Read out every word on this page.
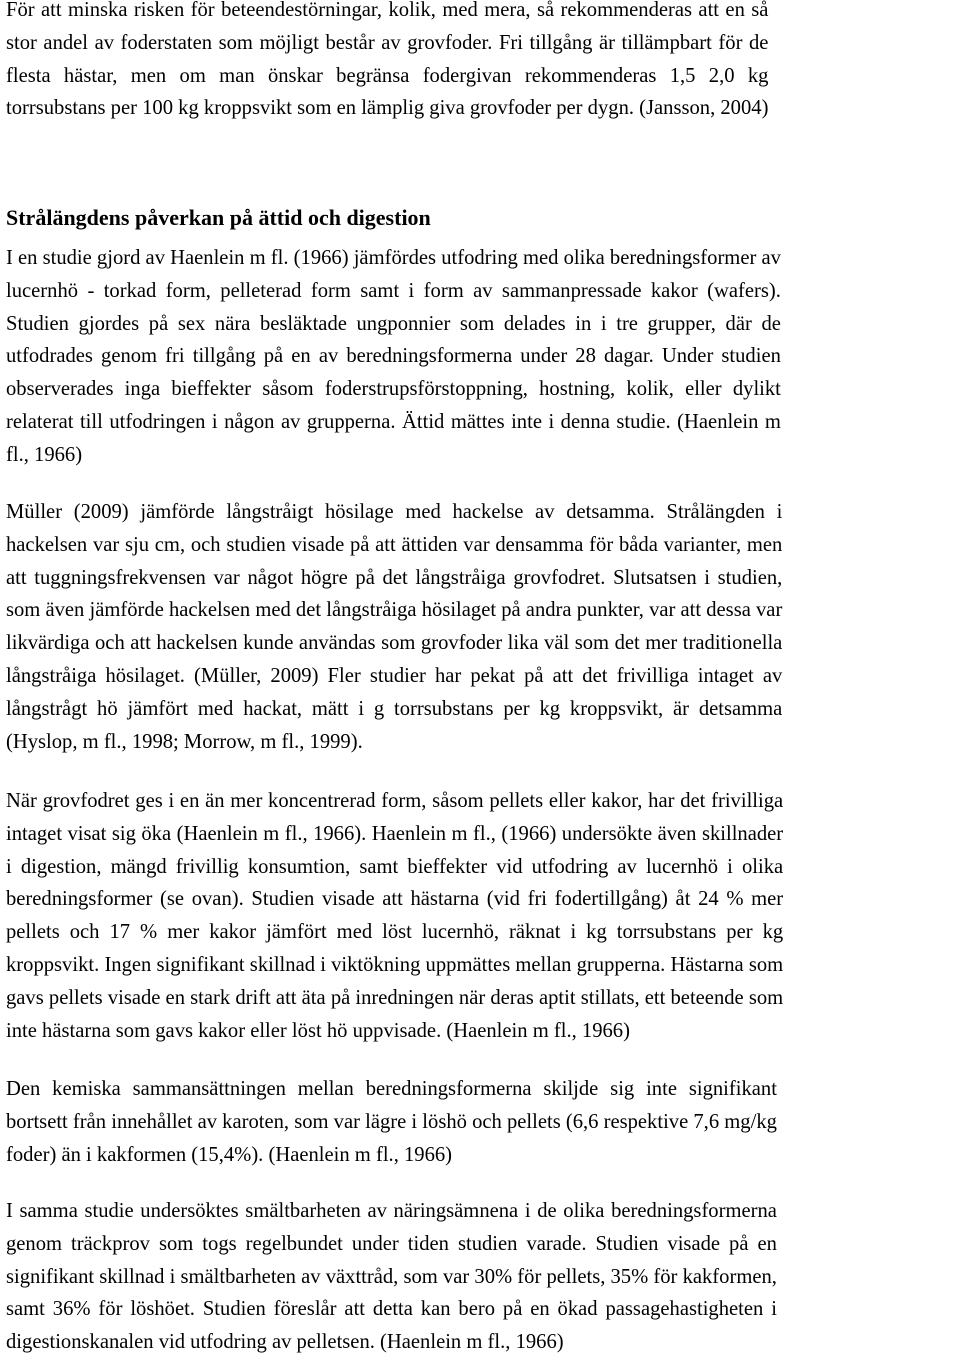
För att minska risken för beteendestörningar, kolik, med mera, så rekommenderas att en så
stor andel av foderstaten som möjligt består av grovfoder. Fri tillgång är tillämpbart för de
flesta hästar, men om man önskar begränsa fodergivan rekommenderas 1,5 2,0 kg
torrsubstans per 100 kg kroppsvikt som en lämplig giva grovfoder per dygn. (Jansson, 2004)

Strålängdens påverkan på ättid och digestion

I en studie gjord av Haenlein m fl. (1966) jämfördes utfodring med olika beredningsformer av
lucernhö - torkad form, pelleterad form samt i form av sammanpressade kakor (wafers).
Studien gjordes på sex nära besläktade ungponnier som delades in i tre grupper, där de
utfodrades genom fri tillgång på en av beredningsformerna under 28 dagar. Under studien
observerades inga bieffekter såsom foderstrupsförstoppning, hostning, kolik, eller dylikt
relaterat till utfodringen i någon av grupperna. Ättid mättes inte i denna studie. (Haenlein m
fl., 1966)

Müller (2009) jämförde långstråigt hösilage med hackelse av detsamma. Strålängden i
hackelsen var sju cm, och studien visade på att ättiden var densamma för båda varianter, men
att tuggningsfrekvensen var något högre på det långstråiga grovfodret. Slutsatsen i studien,
som även jämförde hackelsen med det långstråiga hösilaget på andra punkter, var att dessa var
likvärdiga och att hackelsen kunde användas som grovfoder lika väl som det mer traditionella
långstråiga hösilaget. (Müller, 2009) Fler studier har pekat på att det frivilliga intaget av
långstrågt hö jämfört med hackat, mätt i g torrsubstans per kg kroppsvikt, är detsamma
(Hyslop, m fl., 1998; Morrow, m fl., 1999).

När grovfodret ges i en än mer koncentrerad form, såsom pellets eller kakor, har det frivilliga
intaget visat sig öka (Haenlein m fl., 1966). Haenlein m fl., (1966) undersökte även skillnader
i digestion, mängd frivillig konsumtion, samt bieffekter vid utfodring av lucernhö i olika
beredningsformer (se ovan). Studien visade att hästarna (vid fri fodertillgång) åt 24 % mer
pellets och 17 % mer kakor jämfört med löst lucernhö, räknat i kg torrsubstans per kg
kroppsvikt. Ingen signifikant skillnad i viktökning uppmättes mellan grupperna. Hästarna som
gavs pellets visade en stark drift att äta på inredningen när deras aptit stillats, ett beteende som
inte hästarna som gavs kakor eller löst hö uppvisade. (Haenlein m fl., 1966)

Den kemiska sammansättningen mellan beredningsformerna skiljde sig inte signifikant
bortsett från innehållet av karoten, som var lägre i löshö och pellets (6,6 respektive 7,6 mg/kg
foder) än i kakformen (15,4%). (Haenlein m fl., 1966)

I samma studie undersöktes smältbarheten av näringsämnena i de olika beredningsformerna
genom träckprov som togs regelbundet under tiden studien varade. Studien visade på en
signifikant skillnad i smältbarheten av växttråd, som var 30% för pellets, 35% för kakformen,
samt 36% för löshöet. Studien föreslår att detta kan bero på en ökad passagehastigheten i
digestionskanalen vid utfodring av pelletsen. (Haenlein m fl., 1966)
